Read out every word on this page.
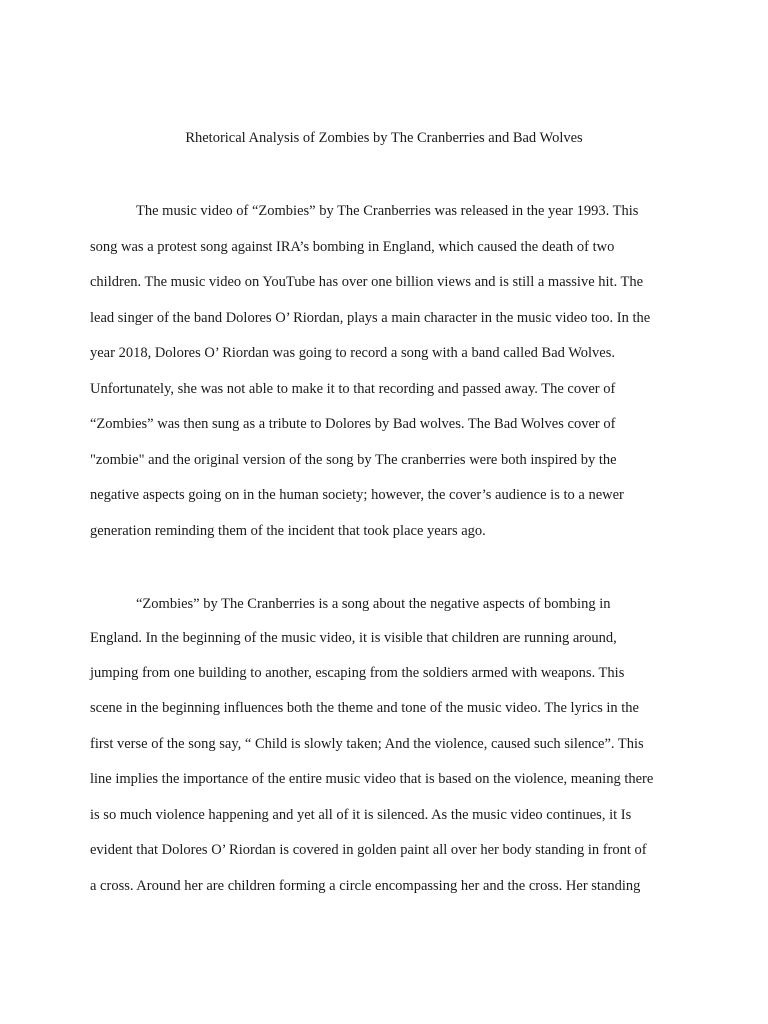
Rhetorical Analysis of Zombies by The Cranberries and Bad Wolves
The music video of “Zombies” by The Cranberries was released in the year 1993. This
song was a protest song against IRA’s bombing in England, which caused the death of two
children. The music video on YouTube has over one billion views and is still a massive hit. The
lead singer of the band Dolores O’ Riordan, plays a main character in the music video too. In the
year 2018, Dolores O’ Riordan was going to record a song with a band called Bad Wolves.
Unfortunately, she was not able to make it to that recording and passed away. The cover of
“Zombies” was then sung as a tribute to Dolores by Bad wolves. The Bad Wolves cover of
"zombie" and the original version of the song by The cranberries were both inspired by the
negative aspects going on in the human society; however, the cover’s audience is to a newer
generation reminding them of the incident that took place years ago.
“Zombies” by The Cranberries is a song about the negative aspects of bombing in
England. In the beginning of the music video, it is visible that children are running around,
jumping from one building to another, escaping from the soldiers armed with weapons. This
scene in the beginning influences both the theme and tone of the music video. The lyrics in the
first verse of the song say, “ Child is slowly taken; And the violence, caused such silence”. This
line implies the importance of the entire music video that is based on the violence, meaning there
is so much violence happening and yet all of it is silenced. As the music video continues, it Is
evident that Dolores O’ Riordan is covered in golden paint all over her body standing in front of
a cross. Around her are children forming a circle encompassing her and the cross. Her standing
